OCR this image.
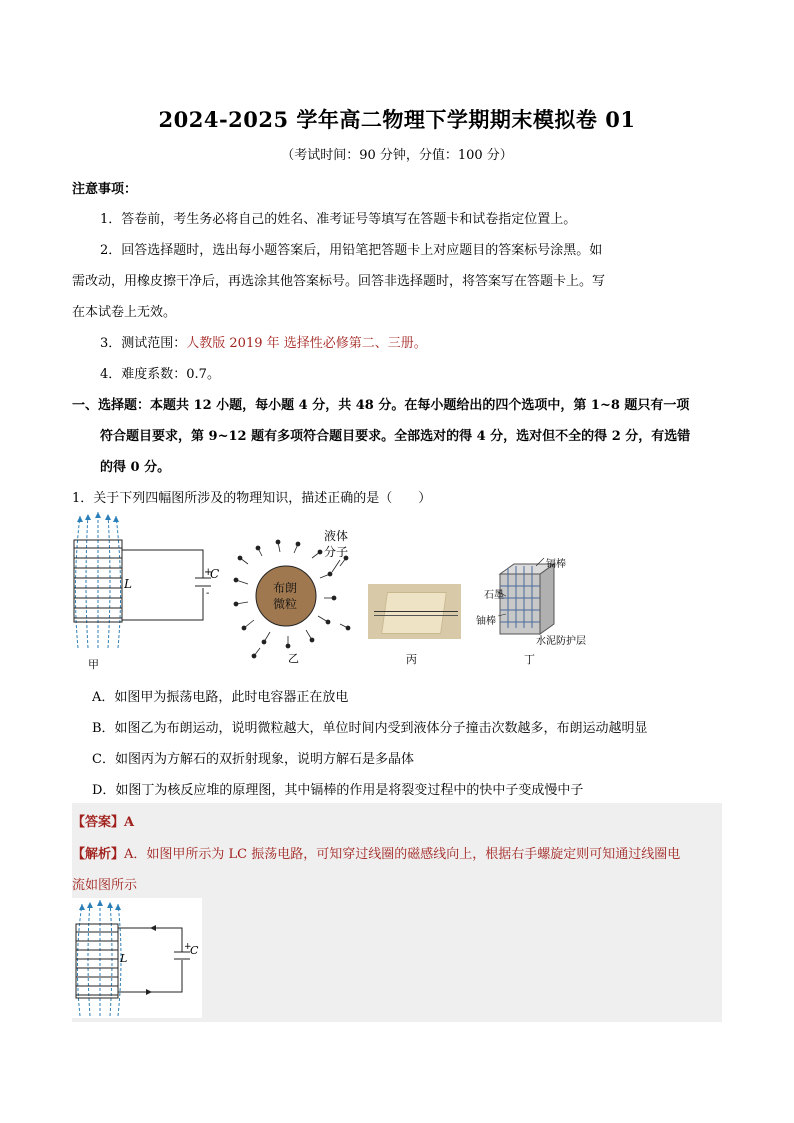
2024-2025 学年高二物理下学期期末模拟卷 01
（考试时间：90 分钟，分值：100 分）
注意事项：
1．答卷前，考生务必将自己的姓名、准考证号等填写在答题卡和试卷指定位置上。
2．回答选择题时，选出每小题答案后，用铅笔把答题卡上对应题目的答案标号涂黑。如
需改动，用橡皮擦干净后，再选涂其他答案标号。回答非选择题时，将答案写在答题卡上。写
在本试卷上无效。
3．测试范围：人教版 2019 年 选择性必修第二、三册。
4．难度系数：0.7。
一、选择题：本题共 12 小题，每小题 4 分，共 48 分。在每小题给出的四个选项中，第 1~8 题只有一项
符合题目要求，第 9~12 题有多项符合题目要求。全部选对的得 4 分，选对但不全的得 2 分，有选错
的得 0 分。
1．关于下列四幅图所涉及的物理知识，描述正确的是（　　）
L
C
+
-
甲
布朗
微粒
液体
分子
乙	丙
镉棒
石墨
铀棒
水泥防护层
丁
A．如图甲为振荡电路，此时电容器正在放电
B．如图乙为布朗运动，说明微粒越大，单位时间内受到液体分子撞击次数越多，布朗运动越明显
C．如图丙为方解石的双折射现象，说明方解石是多晶体
D．如图丁为核反应堆的原理图，其中镉棒的作用是将裂变过程中的快中子变成慢中子
【答案】A
【解析】A．如图甲所示为 LC 振荡电路，可知穿过线圈的磁感线向上，根据右手螺旋定则可知通过线圈电
流如图所示
L
C
+
